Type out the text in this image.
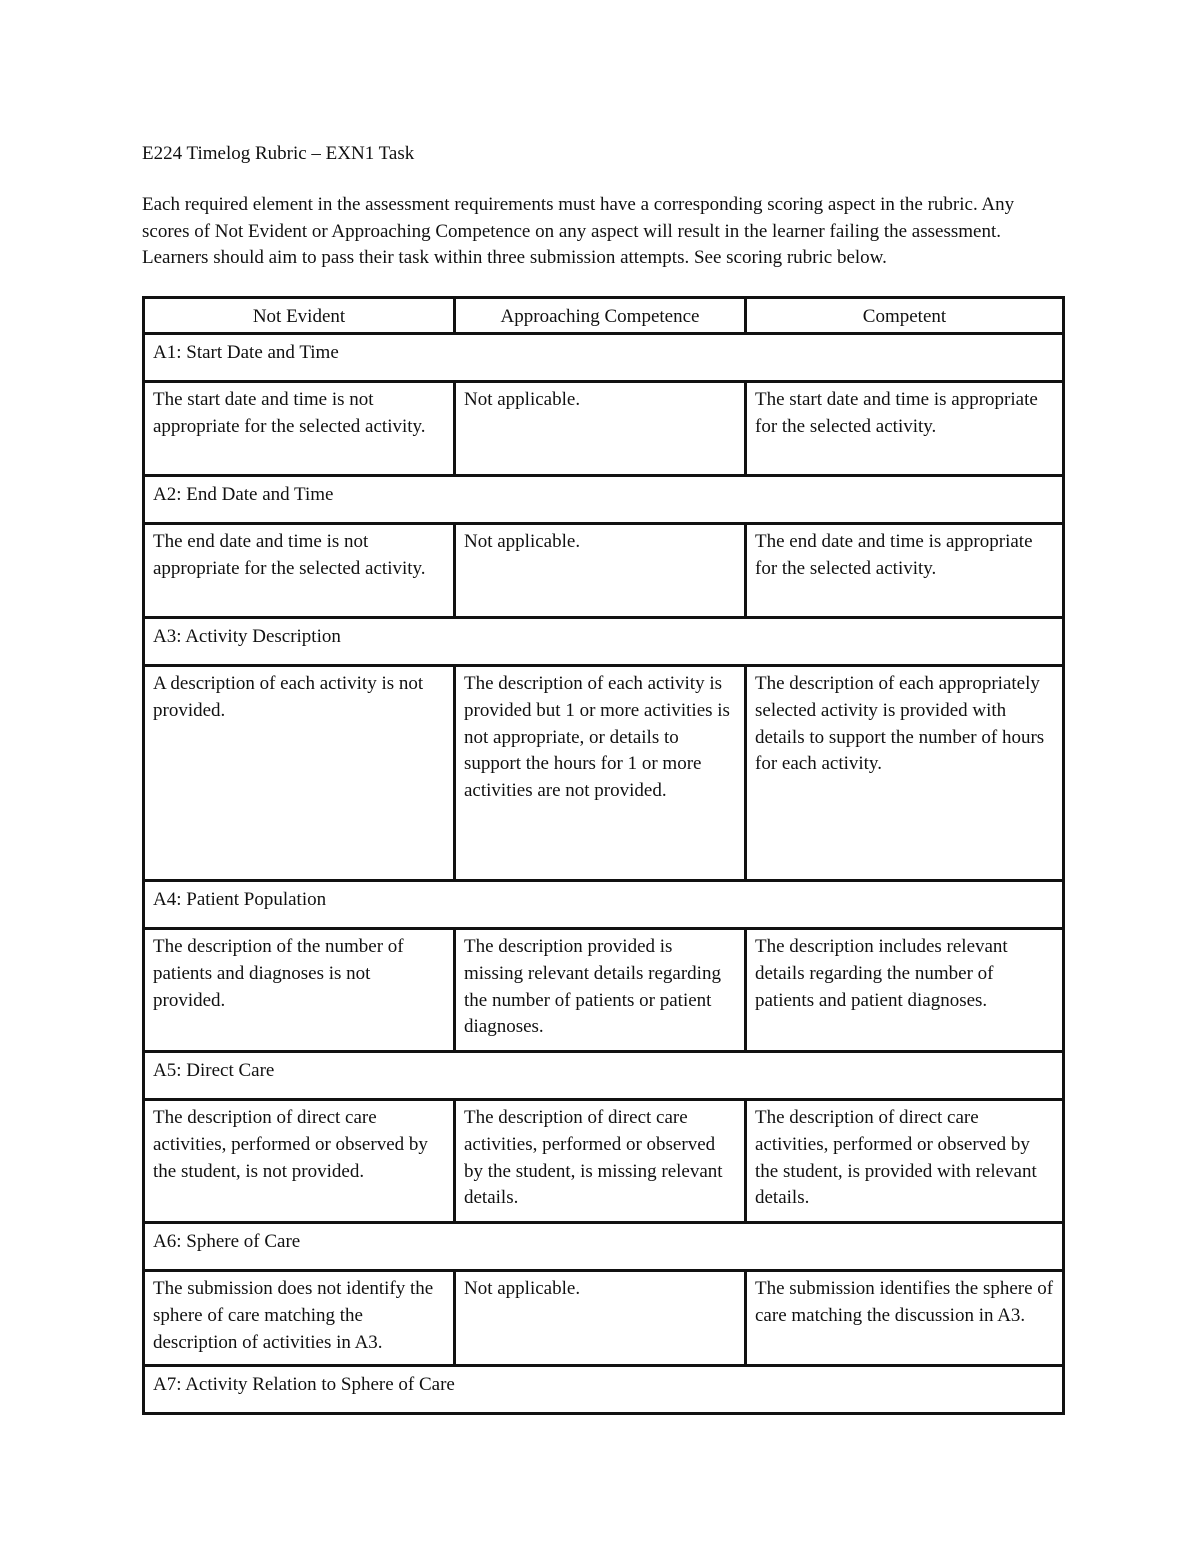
E224 Timelog Rubric – EXN1 Task

Each required element in the assessment requirements must have a corresponding scoring aspect in the rubric. Any scores of Not Evident or Approaching Competence on any aspect will result in the learner failing the assessment. Learners should aim to pass their task within three submission attempts. See scoring rubric below.

Not Evident	Approaching Competence	Competent
A1: Start Date and Time		
The start date and time is not appropriate for the selected activity.	Not applicable.	The start date and time is appropriate for the selected activity.
A2: End Date and Time		
The end date and time is not appropriate for the selected activity.	Not applicable.	The end date and time is appropriate for the selected activity.
A3: Activity Description		
A description of each activity is not provided.	The description of each activity is provided but 1 or more activities is not appropriate, or details to support the hours for 1 or more activities are not provided.	The description of each appropriately selected activity is provided with details to support the number of hours for each activity.
A4: Patient Population		
The description of the number of patients and diagnoses is not provided.	The description provided is missing relevant details regarding the number of patients or patient diagnoses.	The description includes relevant details regarding the number of patients and patient diagnoses.
A5: Direct Care		
The description of direct care activities, performed or observed by the student, is not provided.	The description of direct care activities, performed or observed by the student, is missing relevant details.	The description of direct care activities, performed or observed by the student, is provided with relevant details.
A6: Sphere of Care		
The submission does not identify the sphere of care matching the description of activities in A3.	Not applicable.	The submission identifies the sphere of care matching the discussion in A3.
A7: Activity Relation to Sphere of Care		
